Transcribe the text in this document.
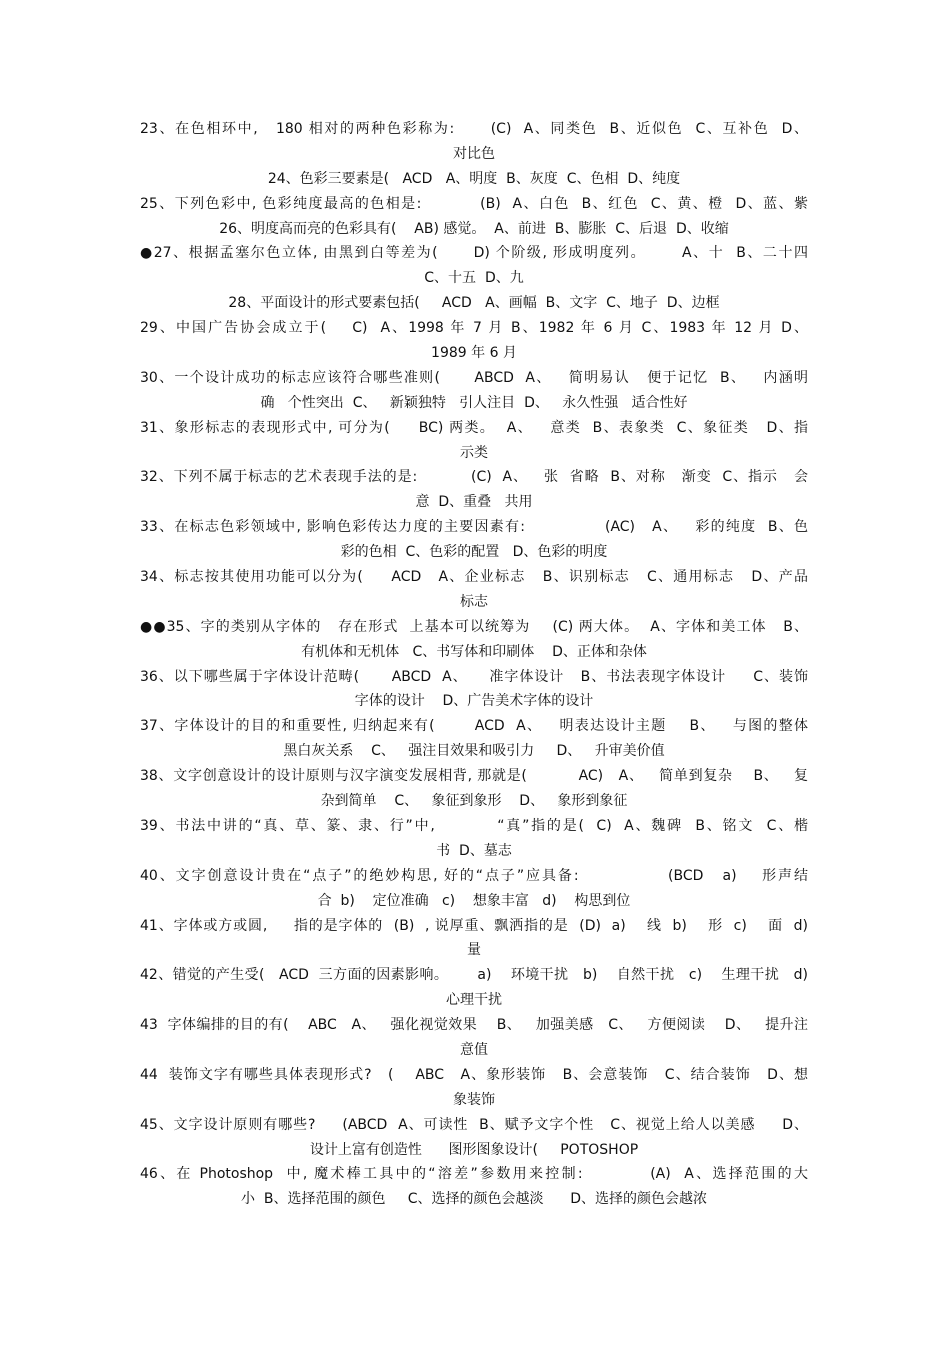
23、在色相环中,   180 相对的两种色彩称为:      (C)  A、同类色  B、近似色  C、互补色  D、
对比色
24、色彩三要素是(   ACD   A、明度  B、灰度  C、色相  D、纯度
25、下列色彩中, 色彩纯度最高的色相是:          (B)  A、白色  B、红色  C、黄、橙  D、蓝、紫
26、明度高而亮的色彩具有(    AB) 感觉。  A、前进  B、膨胀  C、后退  D、收缩
●27、根据孟塞尔色立体, 由黑到白等差为(      D) 个阶级, 形成明度列。      A、十  B、二十四
C、十五  D、九
28、平面设计的形式要素包括(     ACD   A、画幅  B、文字  C、地子  D、边框
29、中国广告协会成立于(    C)  A、1998 年 7 月 B、1982 年 6 月 C、1983 年 12 月 D、
1989 年 6 月
30、一个设计成功的标志应该符合哪些准则(      ABCD  A、   简明易认   便于记忆  B、   内涵明
确   个性突出  C、   新颖独特   引人注目  D、   永久性强   适合性好
31、象形标志的表现形式中, 可分为(     BC) 两类。  A、   意类  B、表象类  C、象征类   D、指
示类
32、下列不属于标志的艺术表现手法的是:          (C)  A、   张  省略  B、对称   渐变  C、指示   会
意  D、重叠   共用
33、在标志色彩领域中, 影响色彩传达力度的主要因素有:              (AC)   A、   彩的纯度  B、色
彩的色相  C、色彩的配置   D、色彩的明度
34、标志按其使用功能可以分为(     ACD   A、企业标志   B、识别标志   C、通用标志   D、产品
标志
●●35、字的类别从字体的   存在形式  上基本可以统筹为    (C) 两大体。  A、字体和美工体   B、
有机体和无机体   C、书写体和印刷体    D、正体和杂体
36、以下哪些属于字体设计范畴(      ABCD  A、    准字体设计   B、书法表现字体设计     C、装饰
字体的设计    D、广告美术字体的设计
37、字体设计的目的和重要性, 归纳起来有(       ACD  A、   明表达设计主题    B、   与图的整体
黑白灰关系    C、   强注目效果和吸引力     D、   升审美价值
38、文字创意设计的设计原则与汉字演变发展相背, 那就是(          AC)   A、   简单到复杂    B、   复
杂到简单    C、   象征到象形    D、   象形到象征
39、书法中讲的“真、草、篆、隶、行”中,          “真”指的是(  C)  A、魏碑  B、铭文  C、楷
书  D、墓志
40、文字创意设计贵在“点子”的绝妙构思, 好的“点子”应具备:              (BCD   a)    形声结
合  b)    定位准确   c)    想象丰富   d)    构思到位
41、字体或方或圆,     指的是字体的  (B)  , 说厚重、飘洒指的是  (D)  a)    线  b)    形  c)    面  d)
量
42、错觉的产生受(   ACD  三方面的因素影响。      a)    环境干扰   b)    自然干扰   c)    生理干扰   d)
心理干扰
43  字体编排的目的有(    ABC   A、   强化视觉效果    B、   加强美感   C、   方便阅读    D、   提升注
意值
44  装饰文字有哪些具体表现形式?   (    ABC   A、象形装饰   B、会意装饰   C、结合装饰   D、想
象装饰
45、文字设计原则有哪些?     (ABCD  A、可读性  B、赋予文字个性   C、视觉上给人以美感     D、
设计上富有创造性      图形图象设计(     POTOSHOP
46、在 Photoshop  中, 魔术棒工具中的“溶差”参数用来控制:          (A)  A、选择范围的大
小  B、选择范围的颜色     C、选择的颜色会越淡      D、选择的颜色会越浓
